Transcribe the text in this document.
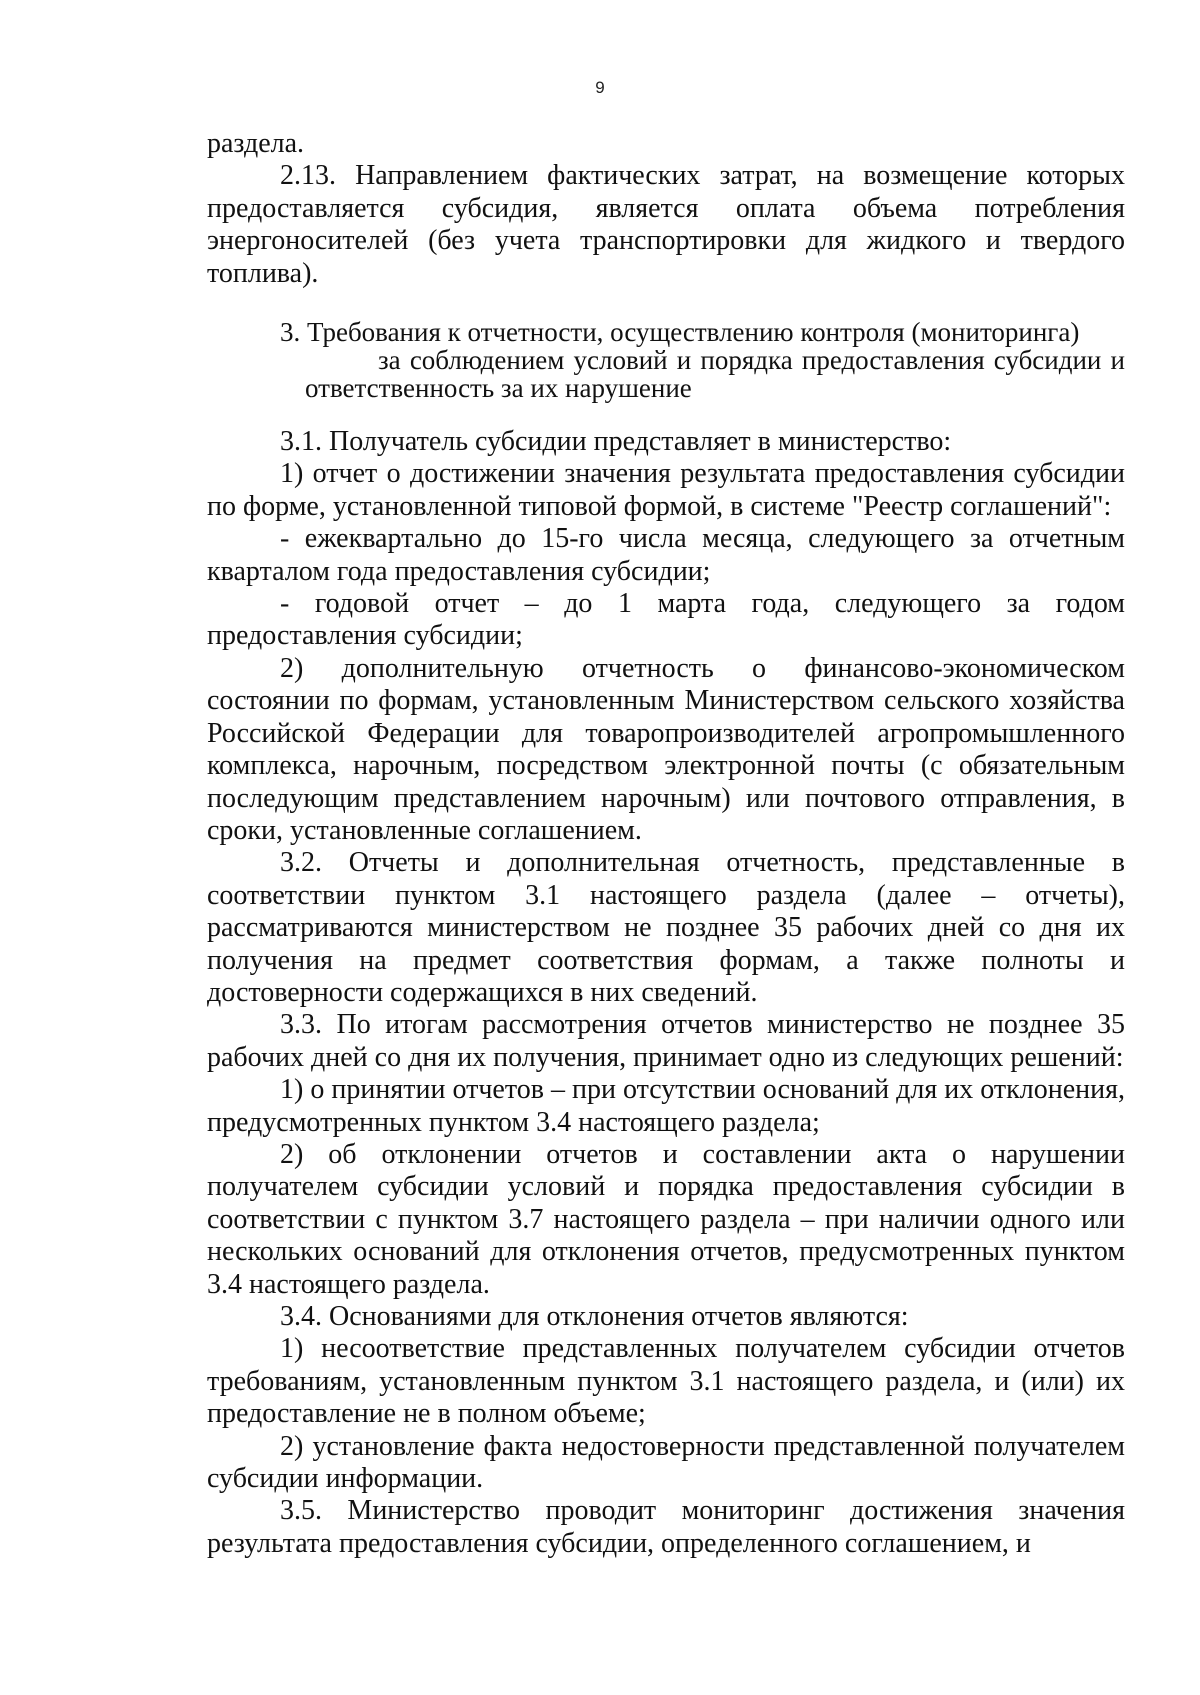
9

раздела.

2.13. Направлением фактических затрат, на возмещение которых предоставляется субсидия, является оплата объема потребления энергоносителей (без учета транспортировки для жидкого и твердого топлива).

3. Требования к отчетности, осуществлению контроля (мониторинга)
за соблюдением условий и порядка предоставления субсидии и ответственность за их нарушение

3.1. Получатель субсидии представляет в министерство:

1) отчет о достижении значения результата предоставления субсидии по форме, установленной типовой формой, в системе "Реестр соглашений":

- ежеквартально до 15-го числа месяца, следующего за отчетным кварталом года предоставления субсидии;

- годовой отчет – до 1 марта года, следующего за годом предоставления субсидии;

2) дополнительную отчетность о финансово-экономическом состоянии по формам, установленным Министерством сельского хозяйства Российской Федерации для товаропроизводителей агропромышленного комплекса, нарочным, посредством электронной почты (с обязательным последующим представлением нарочным) или почтового отправления, в сроки, установленные соглашением.

3.2. Отчеты и дополнительная отчетность, представленные в соответствии пунктом 3.1 настоящего раздела (далее – отчеты), рассматриваются министерством не позднее 35 рабочих дней со дня их получения на предмет соответствия формам, а также полноты и достоверности содержащихся в них сведений.

3.3. По итогам рассмотрения отчетов министерство не позднее 35 рабочих дней со дня их получения, принимает одно из следующих решений:

1) о принятии отчетов – при отсутствии оснований для их отклонения, предусмотренных пунктом 3.4 настоящего раздела;

2) об отклонении отчетов и составлении акта о нарушении получателем субсидии условий и порядка предоставления субсидии в соответствии с пунктом 3.7 настоящего раздела – при наличии одного или нескольких оснований для отклонения отчетов, предусмотренных пунктом 3.4 настоящего раздела.

3.4. Основаниями для отклонения отчетов являются:

1) несоответствие представленных получателем субсидии отчетов требованиям, установленным пунктом 3.1 настоящего раздела, и (или) их предоставление не в полном объеме;

2) установление факта недостоверности представленной получателем субсидии информации.

3.5. Министерство проводит мониторинг достижения значения результата предоставления субсидии, определенного соглашением, и
